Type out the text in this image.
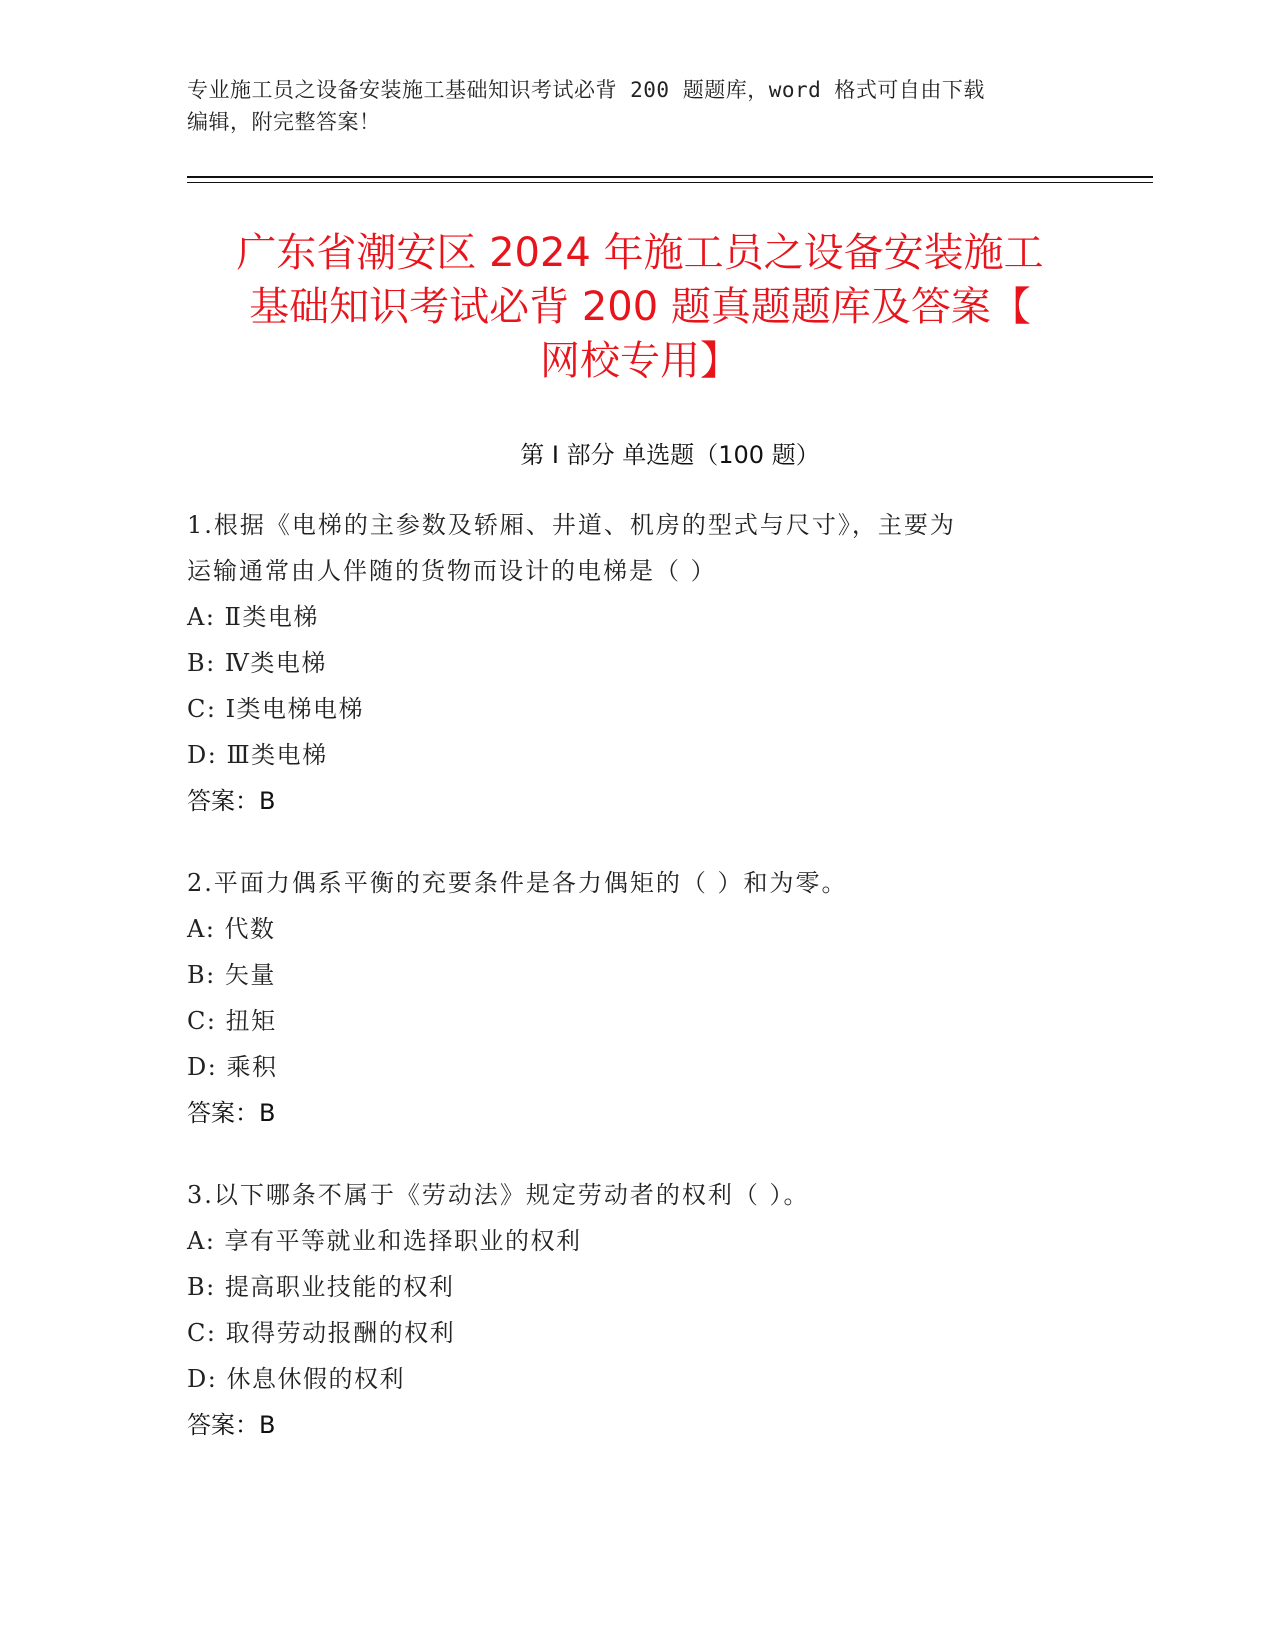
专业施工员之设备安装施工基础知识考试必背 200 题题库，word 格式可自由下载
编辑，附完整答案！
广东省潮安区 2024 年施工员之设备安装施工
基础知识考试必背 200 题真题题库及答案【
网校专用】
第 I 部分 单选题（100 题）
1.根据《电梯的主参数及轿厢、井道、机房的型式与尺寸》，主要为
运输通常由人伴随的货物而设计的电梯是（ ）
A: Ⅱ类电梯
B: Ⅳ类电梯
C: Ⅰ类电梯电梯
D: Ⅲ类电梯
答案：B
2.平面力偶系平衡的充要条件是各力偶矩的（ ）和为零。
A: 代数
B: 矢量
C: 扭矩
D: 乘积
答案：B
3.以下哪条不属于《劳动法》规定劳动者的权利（ ）。
A: 享有平等就业和选择职业的权利
B: 提高职业技能的权利
C: 取得劳动报酬的权利
D: 休息休假的权利
答案：B
